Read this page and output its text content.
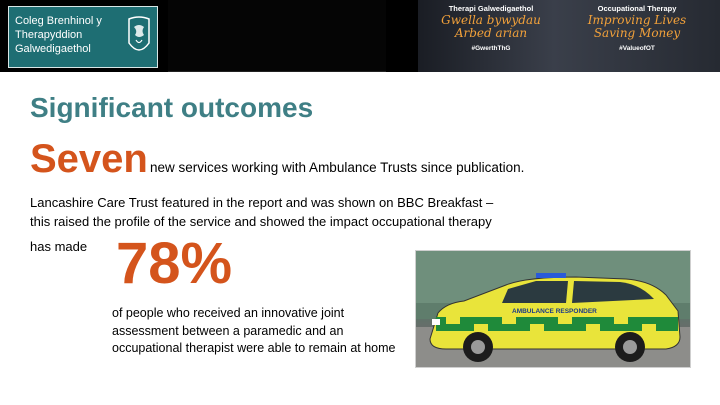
Coleg Brenhinol y
Therapyddion
Galwedigaethol
Therapi Galwedigaethol
Gwella bywydau
Arbed arian
#GwerthThG
Occupational Therapy
Improving Lives
Saving Money
#ValueofOT
Significant outcomes
Seven new services working with Ambulance Trusts since publication.
Lancashire Care Trust featured in the report and was shown on BBC Breakfast –
this raised the profile of the service and showed the impact occupational therapy
has made 78%
of people who received an innovative joint assessment between a paramedic and an occupational therapist were able to remain at home
AMBULANCE RESPONDER
